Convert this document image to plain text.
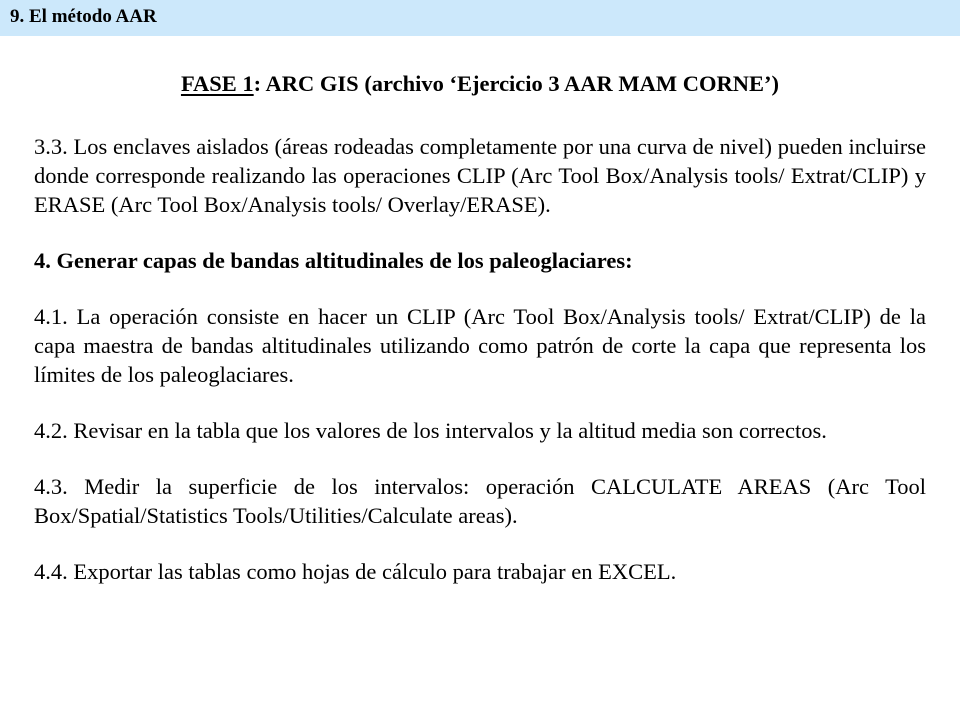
9. El método AAR
FASE 1: ARC GIS (archivo ‘Ejercicio 3 AAR MAM CORNE’)

3.3. Los enclaves aislados (áreas rodeadas completamente por una curva de nivel) pueden incluirse donde corresponde realizando las operaciones CLIP (Arc Tool Box/Analysis tools/ Extrat/CLIP) y ERASE (Arc Tool Box/Analysis tools/ Overlay/ERASE).

4. Generar capas de bandas altitudinales de los paleoglaciares:

4.1. La operación consiste en hacer un CLIP (Arc Tool Box/Analysis tools/ Extrat/CLIP) de la capa maestra de bandas altitudinales utilizando como patrón de corte la capa que representa los límites de los paleoglaciares.

4.2. Revisar en la tabla que los valores de los intervalos y la altitud media son correctos.

4.3. Medir la superficie de los intervalos: operación CALCULATE AREAS (Arc Tool Box/Spatial/Statistics Tools/Utilities/Calculate areas).

4.4. Exportar las tablas como hojas de cálculo para trabajar en EXCEL.
